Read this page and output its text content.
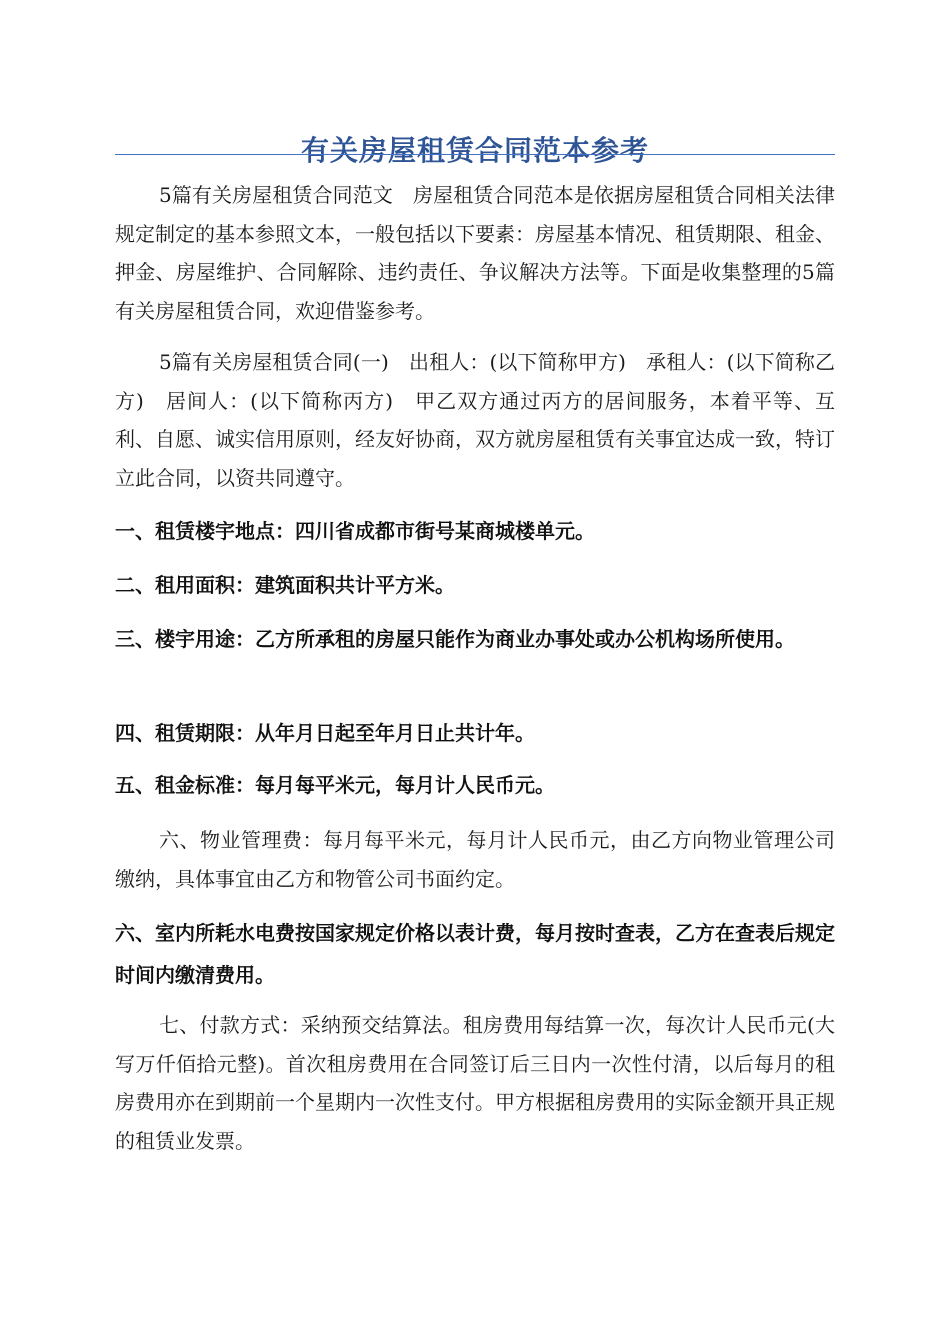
有关房屋租赁合同范本参考

5篇有关房屋租赁合同范文　房屋租赁合同范本是依据房屋租赁合同相关法律规定制定的基本参照文本，一般包括以下要素：房屋基本情况、租赁期限、租金、押金、房屋维护、合同解除、违约责任、争议解决方法等。下面是收集整理的5篇有关房屋租赁合同，欢迎借鉴参考。

5篇有关房屋租赁合同(一)　出租人：(以下简称甲方)　承租人：(以下简称乙方)　居间人：(以下简称丙方)　甲乙双方通过丙方的居间服务，本着平等、互利、自愿、诚实信用原则，经友好协商，双方就房屋租赁有关事宜达成一致，特订立此合同，以资共同遵守。

一、租赁楼宇地点：四川省成都市街号某商城楼单元。

二、租用面积：建筑面积共计平方米。

三、楼宇用途：乙方所承租的房屋只能作为商业办事处或办公机构场所使用。

四、租赁期限：从年月日起至年月日止共计年。

五、租金标准：每月每平米元，每月计人民币元。

六、物业管理费：每月每平米元，每月计人民币元，由乙方向物业管理公司缴纳，具体事宜由乙方和物管公司书面约定。

六、室内所耗水电费按国家规定价格以表计费，每月按时查表，乙方在查表后规定时间内缴清费用。

七、付款方式：采纳预交结算法。租房费用每结算一次，每次计人民币元(大写万仟佰拾元整)。首次租房费用在合同签订后三日内一次性付清，以后每月的租房费用亦在到期前一个星期内一次性支付。甲方根据租房费用的实际金额开具正规的租赁业发票。
